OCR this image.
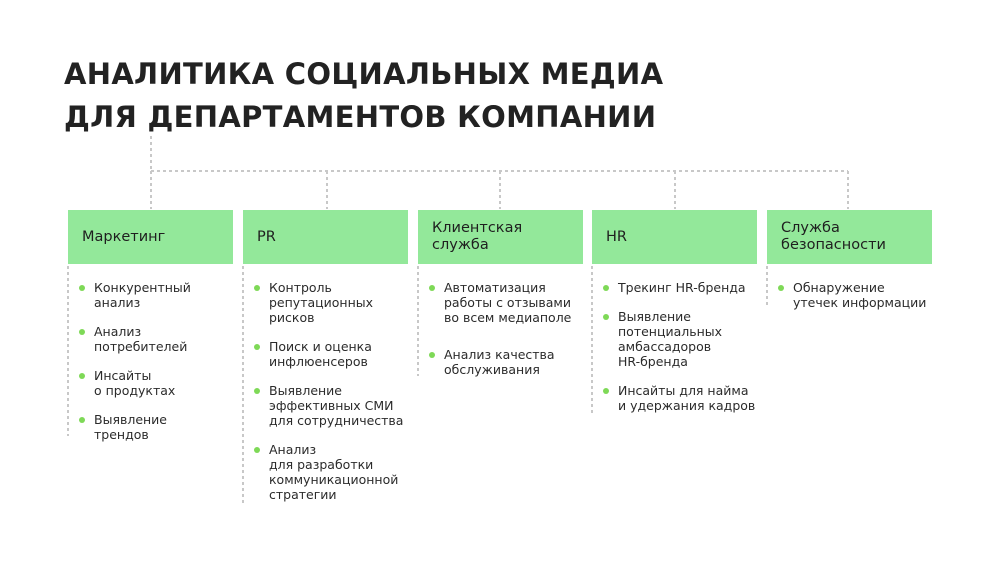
АНАЛИТИКА СОЦИАЛЬНЫХ МЕДИА
ДЛЯ ДЕПАРТАМЕНТОВ КОМПАНИИ
Маркетинг
Конкурентный
анализ
Анализ
потребителей
Инсайты
о продуктах
Выявление
трендов
PR
Контроль
репутационных
рисков
Поиск и оценка
инфлюенсеров
Выявление
эффективных СМИ
для сотрудничества
Анализ
для разработки
коммуникационной
стратегии
Клиентская
служба
Автоматизация
работы с отзывами
во всем медиаполе
Анализ качества
обслуживания
HR
Трекинг HR-бренда
Выявление
потенциальных
амбассадоров
HR-бренда
Инсайты для найма
и удержания кадров
Служба
безопасности
Обнаружение
утечек информации
